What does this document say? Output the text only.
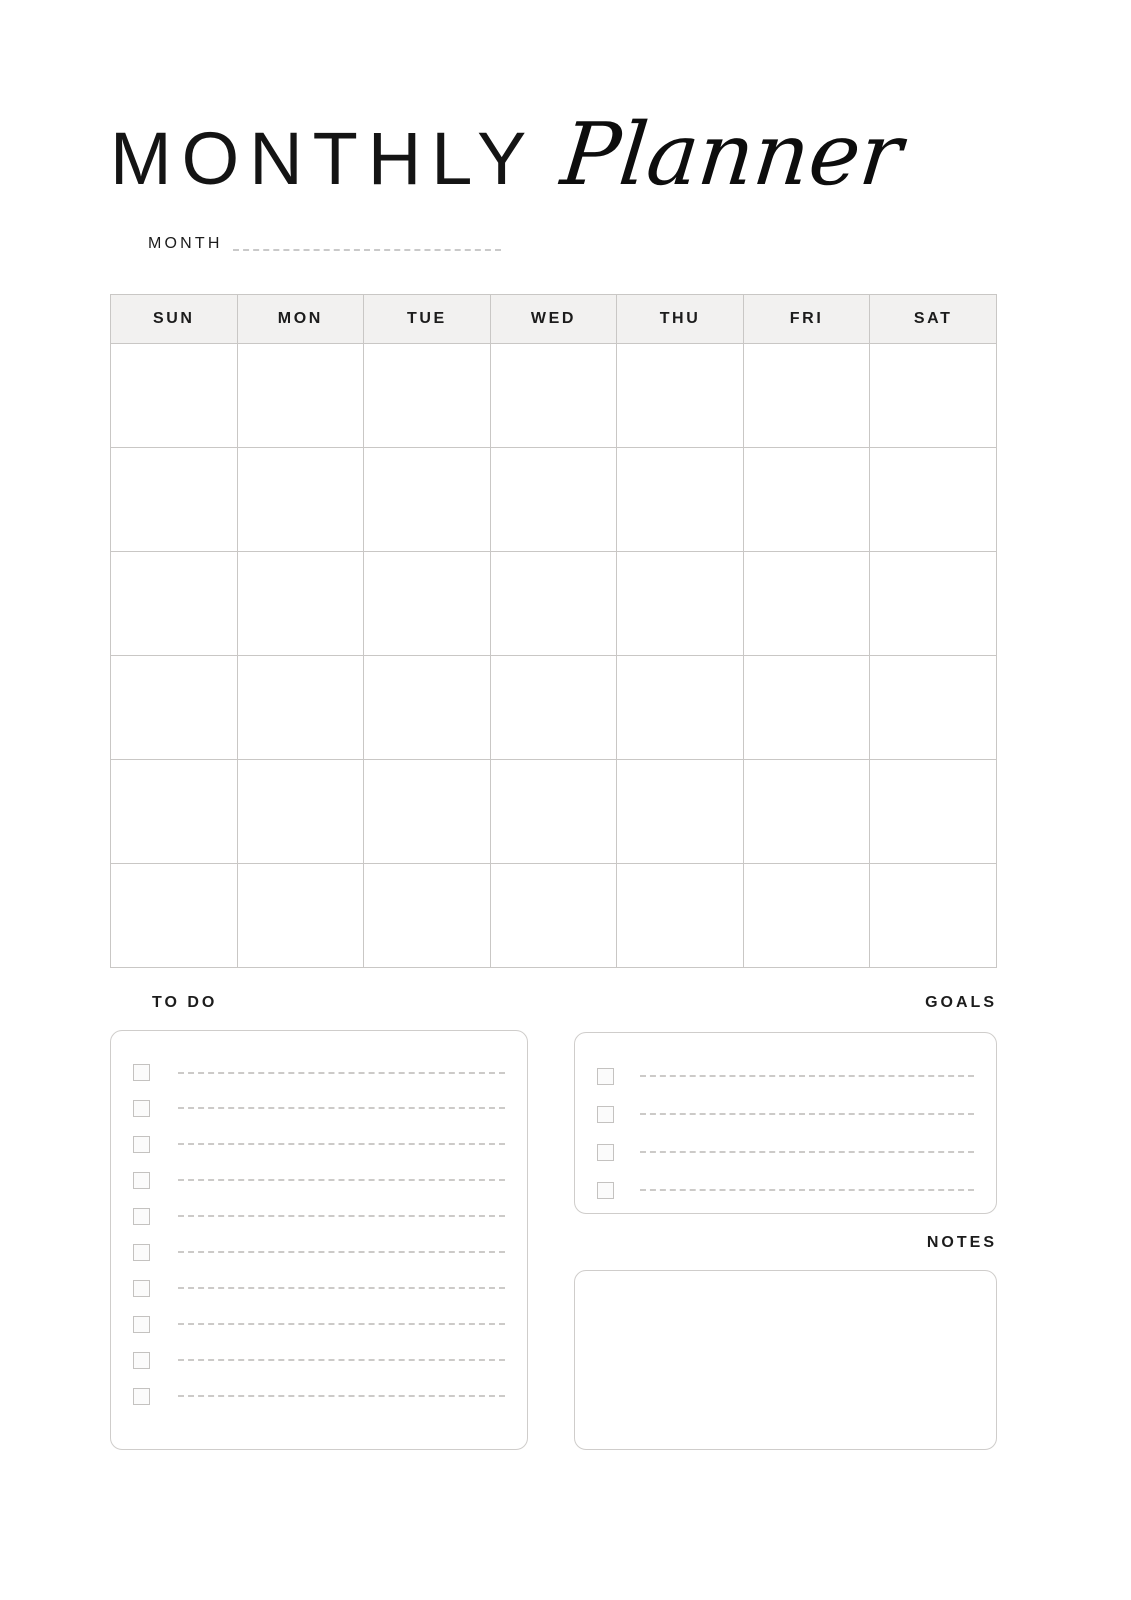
MONTHLY Planner
MONTH
SUN	MON	TUE	WED	THU	FRI	SAT

TO DO	GOALS
NOTES
